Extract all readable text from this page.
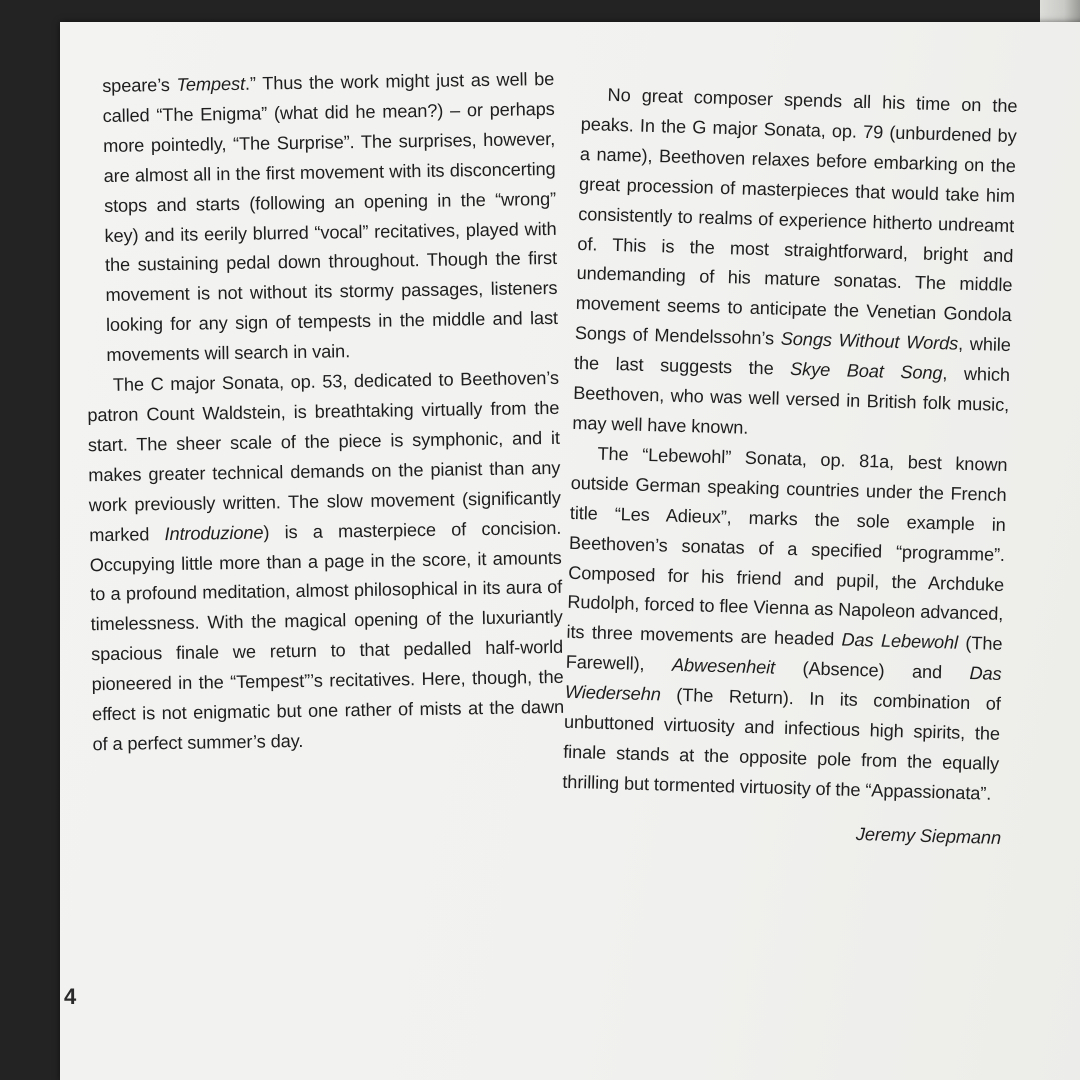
speare’s Tempest.” Thus the work might just as well be called “The Enigma” (what did he mean?) – or perhaps more pointedly, “The Surprise”. The surprises, however, are almost all in the first movement with its disconcerting stops and starts (following an opening in the “wrong” key) and its eerily blurred “vocal” recitatives, played with the sustaining pedal down throughout. Though the first movement is not without its stormy passages, listeners looking for any sign of tempests in the middle and last movements will search in vain.

The C major Sonata, op. 53, dedicated to Beethoven’s patron Count Waldstein, is breathtaking virtually from the start. The sheer scale of the piece is symphonic, and it makes greater technical demands on the pianist than any work previously written. The slow movement (significantly marked Introduzione) is a masterpiece of concision. Occupying little more than a page in the score, it amounts to a profound meditation, almost philosophical in its aura of timelessness. With the magical opening of the luxuriantly spacious finale we return to that pedalled half-world pioneered in the “Tempest”’s recitatives. Here, though, the effect is not enigmatic but one rather of mists at the dawn of a perfect summer’s day.

No great composer spends all his time on the peaks. In the G major Sonata, op. 79 (unburdened by a name), Beethoven relaxes before embarking on the great procession of masterpieces that would take him consistently to realms of experience hitherto undreamt of. This is the most straightforward, bright and undemanding of his mature sonatas. The middle movement seems to anticipate the Venetian Gondola Songs of Mendelssohn’s Songs Without Words, while the last suggests the Skye Boat Song, which Beethoven, who was well versed in British folk music, may well have known.

The “Lebewohl” Sonata, op. 81a, best known outside German speaking countries under the French title “Les Adieux”, marks the sole example in Beethoven’s sonatas of a specified “programme”. Composed for his friend and pupil, the Archduke Rudolph, forced to flee Vienna as Napoleon advanced, its three movements are headed Das Lebewohl (The Farewell), Abwesenheit (Absence) and Das Wiedersehn (The Return). In its combination of unbuttoned virtuosity and infectious high spirits, the finale stands at the opposite pole from the equally thrilling but tormented virtuosity of the “Appassionata”.

Jeremy Siepmann
4
